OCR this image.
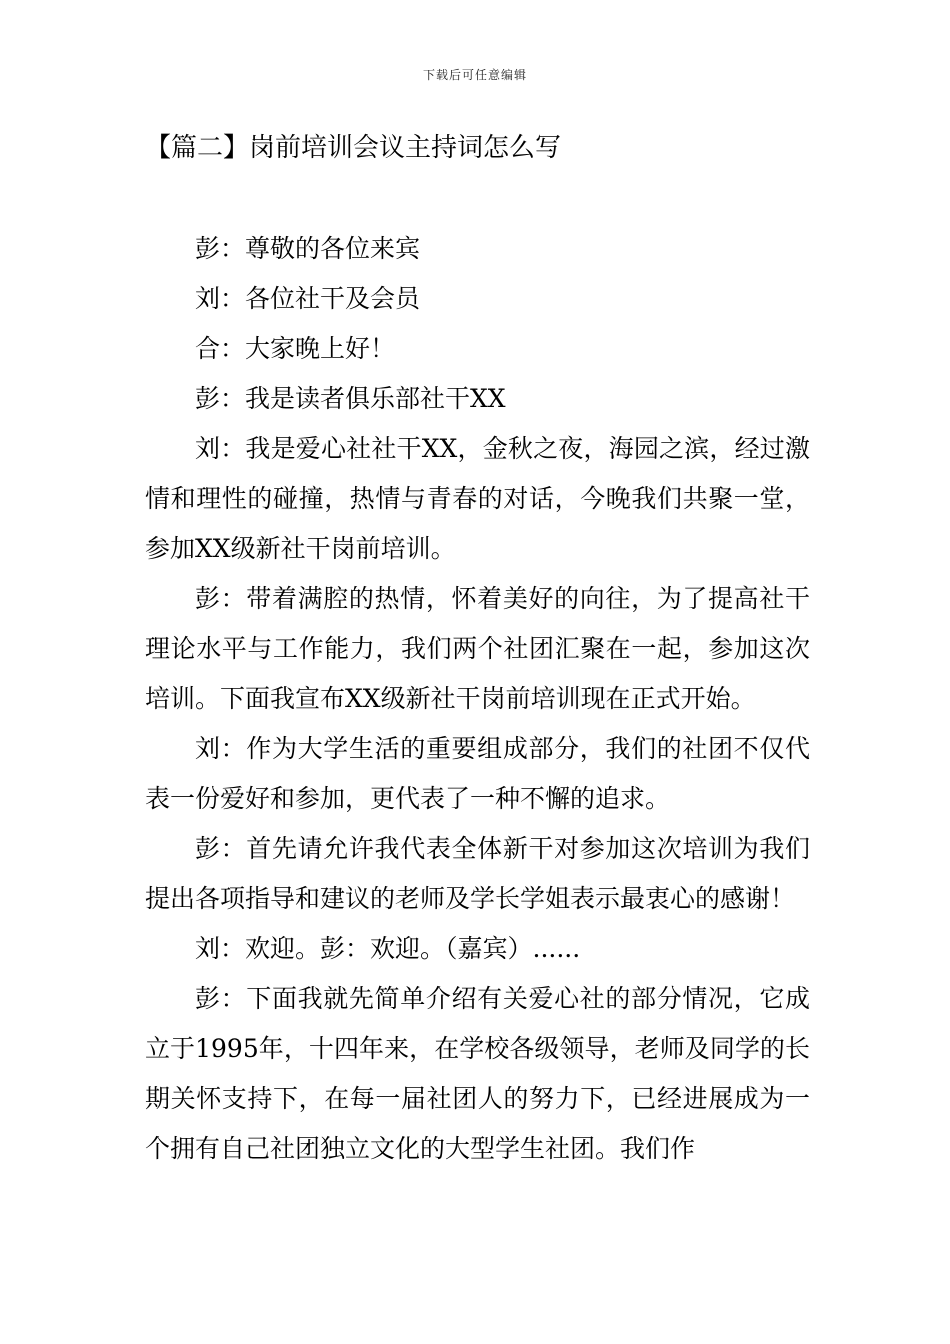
下载后可任意编辑
【篇二】岗前培训会议主持词怎么写

彭：尊敬的各位来宾

刘：各位社干及会员

合：大家晚上好！

彭：我是读者俱乐部社干XX

刘：我是爱心社社干XX，金秋之夜，海园之滨，经过激情和理性的碰撞，热情与青春的对话，今晚我们共聚一堂，参加XX级新社干岗前培训。

彭：带着满腔的热情，怀着美好的向往，为了提高社干理论水平与工作能力，我们两个社团汇聚在一起，参加这次培训。下面我宣布XX级新社干岗前培训现在正式开始。

刘：作为大学生活的重要组成部分，我们的社团不仅代表一份爱好和参加，更代表了一种不懈的追求。

彭：首先请允许我代表全体新干对参加这次培训为我们提出各项指导和建议的老师及学长学姐表示最衷心的感谢！

刘：欢迎。彭：欢迎。（嘉宾）......

彭：下面我就先简单介绍有关爱心社的部分情况，它成立于1995年，十四年来，在学校各级领导，老师及同学的长期关怀支持下，在每一届社团人的努力下，已经进展成为一个拥有自己社团独立文化的大型学生社团。我们作
